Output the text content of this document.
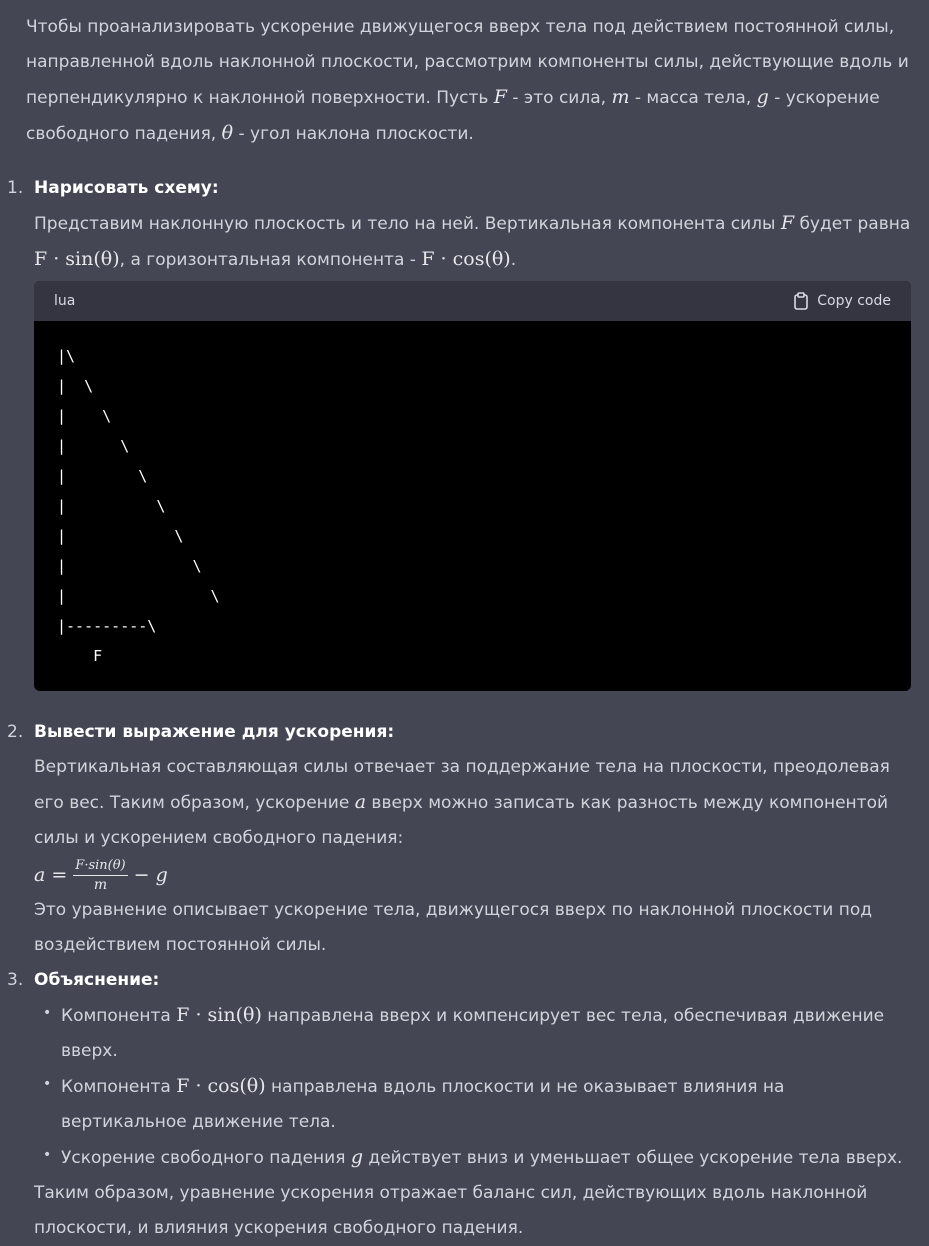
Чтобы проанализировать ускорение движущегося вверх тела под действием постоянной силы, направленной вдоль наклонной плоскости, рассмотрим компоненты силы, действующие вдоль и перпендикулярно к наклонной поверхности. Пусть F - это сила, m - масса тела, g - ускорение свободного падения, θ - угол наклона плоскости.

1. Нарисовать схему:

Представим наклонную плоскость и тело на ней. Вертикальная компонента силы F будет равна F · sin(θ), а горизонтальная компонента - F · cos(θ).

lua	Copy code
|\
|  \
|    \
|      \
|        \
|          \
|            \
|              \
|                \
|---------\
F
2. Вывести выражение для ускорения:

Вертикальная составляющая силы отвечает за поддержание тела на плоскости, преодолевая его вес. Таким образом, ускорение a вверх можно записать как разность между компонентой силы и ускорением свободного падения:

$a = \frac{F\cdot\sin(\theta)}{m} - g$

Это уравнение описывает ускорение тела, движущегося вверх по наклонной плоскости под воздействием постоянной силы.

3. Объяснение:

• Компонента F · sin(θ) направлена вверх и компенсирует вес тела, обеспечивая движение вверх.
• Компонента F · cos(θ) направлена вдоль плоскости и не оказывает влияния на вертикальное движение тела.
• Ускорение свободного падения g действует вниз и уменьшает общее ускорение тела вверх.

Таким образом, уравнение ускорения отражает баланс сил, действующих вдоль наклонной плоскости, и влияния ускорения свободного падения.
